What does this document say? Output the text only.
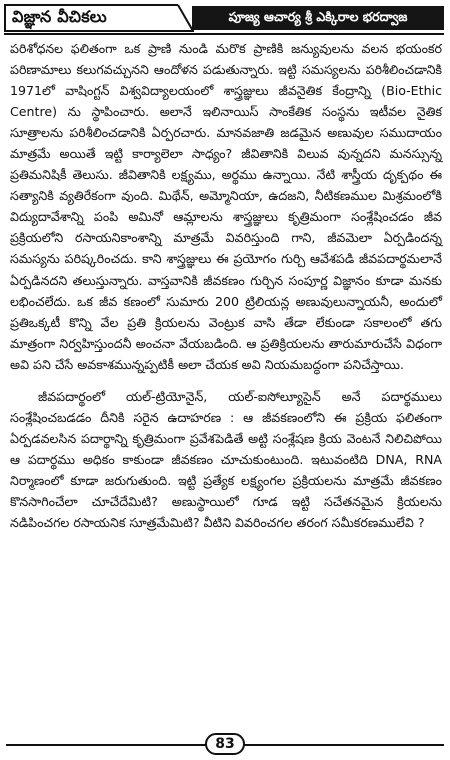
విజ్ఞాన వీచికలు	పూజ్య ఆచార్య శ్రీ ఎక్కిరాల భరద్వాజ

పరిశోధనల ఫలితంగా ఒక ప్రాణి నుండి మరొక ప్రాణికి జన్యువులను వలన భయంకర పరిణామాలు కలుగవచ్చునని ఆందోళన పడుతున్నారు. ఇట్టి సమస్యలను పరిశీలించడానికి 1971లో వాషింగ్టన్ విశ్వవిద్యాలయంలో శాస్త్రజ్ఞులు జీవనైతిక కేంద్రాన్ని (Bio-Ethic Centre) ను స్థాపించారు. అలానే ఇలినాయిస్ సాంకేతిక సంస్థను ఇటీవల నైతిక సూత్రాలను పరిశీలించడానికి ఏర్పరచారు. మానవజాతి జడమైన అణువుల సముదాయం మాత్రమే అయితే ఇట్టి కార్యాలెలా సాధ్యం? జీవితానికి విలువ వున్నదని మనస్సున్న ప్రతిమనిషికీ తెలుసు. జీవితానికి లక్ష్యము, అర్థము ఉన్నాయి. నేటి శాస్త్రీయ దృక్పథం ఈ సత్యానికి వ్యతిరేకంగా వుంది. మిథేన్, అమ్మోనియా, ఉదజని, నీటికణముల మిశ్రమంలోకి విద్యుదావేశాన్ని పంపి అమినో ఆమ్లాలను శాస్త్రజ్ఞులు కృత్రిమంగా సంశ్లేషించడం జీవ ప్రక్రియలోని రసాయనికాంశాన్ని మాత్రమే వివరిస్తుంది గాని, జీవమెలా ఏర్పడిందన్న సమస్యను పరిష్కరించదు. కాని శాస్త్రజ్ఞులు ఈ ప్రయోగం గుర్చి ఆవేశపడి జీవపదార్థమలానే ఏర్పడినదని తలుస్తున్నారు. వాస్తవానికి జీవకణం గుర్చిన సంపూర్ణ విజ్ఞానం కూడా మనకు లభించలేదు. ఒక జీవ కణంలో సుమారు 200 ట్రిలియన్ల అణువులున్నాయనీ, అందులో ప్రతిఒక్కటీ కొన్ని వేల ప్రతి క్రియలను వెంట్రుక వాసి తేడా లేకుండా సకాలంలో తగు మాత్రంగా నిర్వహిస్తుందనీ అంచనా వేయబడింది. ఆ ప్రతిక్రియలను తారుమారుచేసే విధంగా అవి పని చేసే అవకాశమున్నప్పటికీ అలా చేయక అవి నియమబద్ధంగా పనిచేస్తాయి.

జీవపదార్థంలో యల్-ట్రియోనైన్, యల్-ఐసోల్యూసైన్ అనే పదార్థములు సంశ్లేషించబడడం దీనికి సరైన ఉదాహరణ : ఆ జీవకణంలోని ఈ ప్రక్రియ ఫలితంగా ఏర్పడవలసిన పదార్థాన్ని కృత్రిమంగా ప్రవేశపెడితే అట్టి సంశ్లేషణ క్రియ వెంటనే నిలిచిపోయి ఆ పదార్థము అధికం కాకుండా జీవకణం చూచుకుంటుంది. ఇటువంటిది DNA, RNA నిర్మాణంలో కూడా జరుగుతుంది. ఇట్టి ప్రత్యేక లక్ష్యంగల ప్రక్రియలను మాత్రమే జీవకణం కొనసాగించేలా చూచేదేమిటి? అణుస్థాయిలో గూడ ఇట్టి సచేతనమైన క్రియలను నడిపించగల రసాయనిక సూత్రమేమిటి? వీటిని వివరించగల తరంగ సమీకరణములేవి ?

83
